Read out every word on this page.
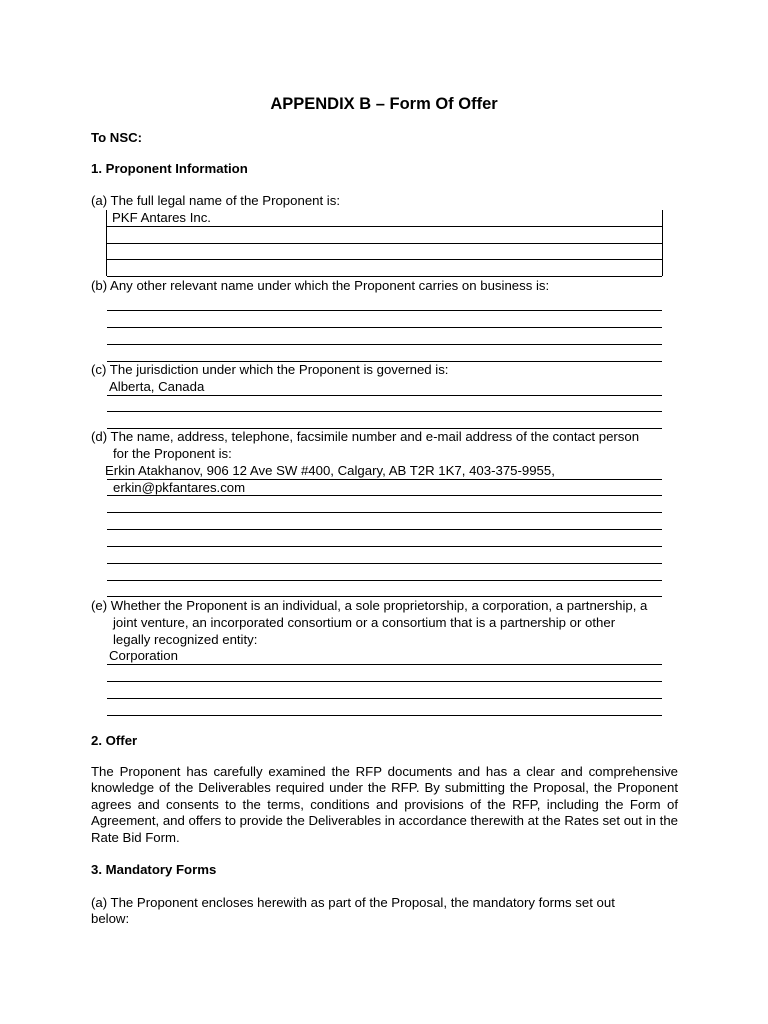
APPENDIX B – Form Of Offer
To NSC:
1. Proponent Information
(a) The full legal name of the Proponent is:
PKF Antares Inc.
(b) Any other relevant name under which the Proponent carries on business is:
(c) The jurisdiction under which the Proponent is governed is:
Alberta, Canada
(d) The name, address, telephone, facsimile number and e-mail address of the contact person
for the Proponent is:
Erkin Atakhanov, 906 12 Ave SW #400, Calgary, AB T2R 1K7, 403-375-9955,
erkin@pkfantares.com
(e) Whether the Proponent is an individual, a sole proprietorship, a corporation, a partnership, a
joint venture, an incorporated consortium or a consortium that is a partnership or other
legally recognized entity:
Corporation
2. Offer
The Proponent has carefully examined the RFP documents and has a clear and comprehensive knowledge of the Deliverables required under the RFP. By submitting the Proposal, the Proponent agrees and consents to the terms, conditions and provisions of the RFP, including the Form of Agreement, and offers to provide the Deliverables in accordance therewith at the Rates set out in the Rate Bid Form.
3. Mandatory Forms
(a) The Proponent encloses herewith as part of the Proposal, the mandatory forms set out
below:
